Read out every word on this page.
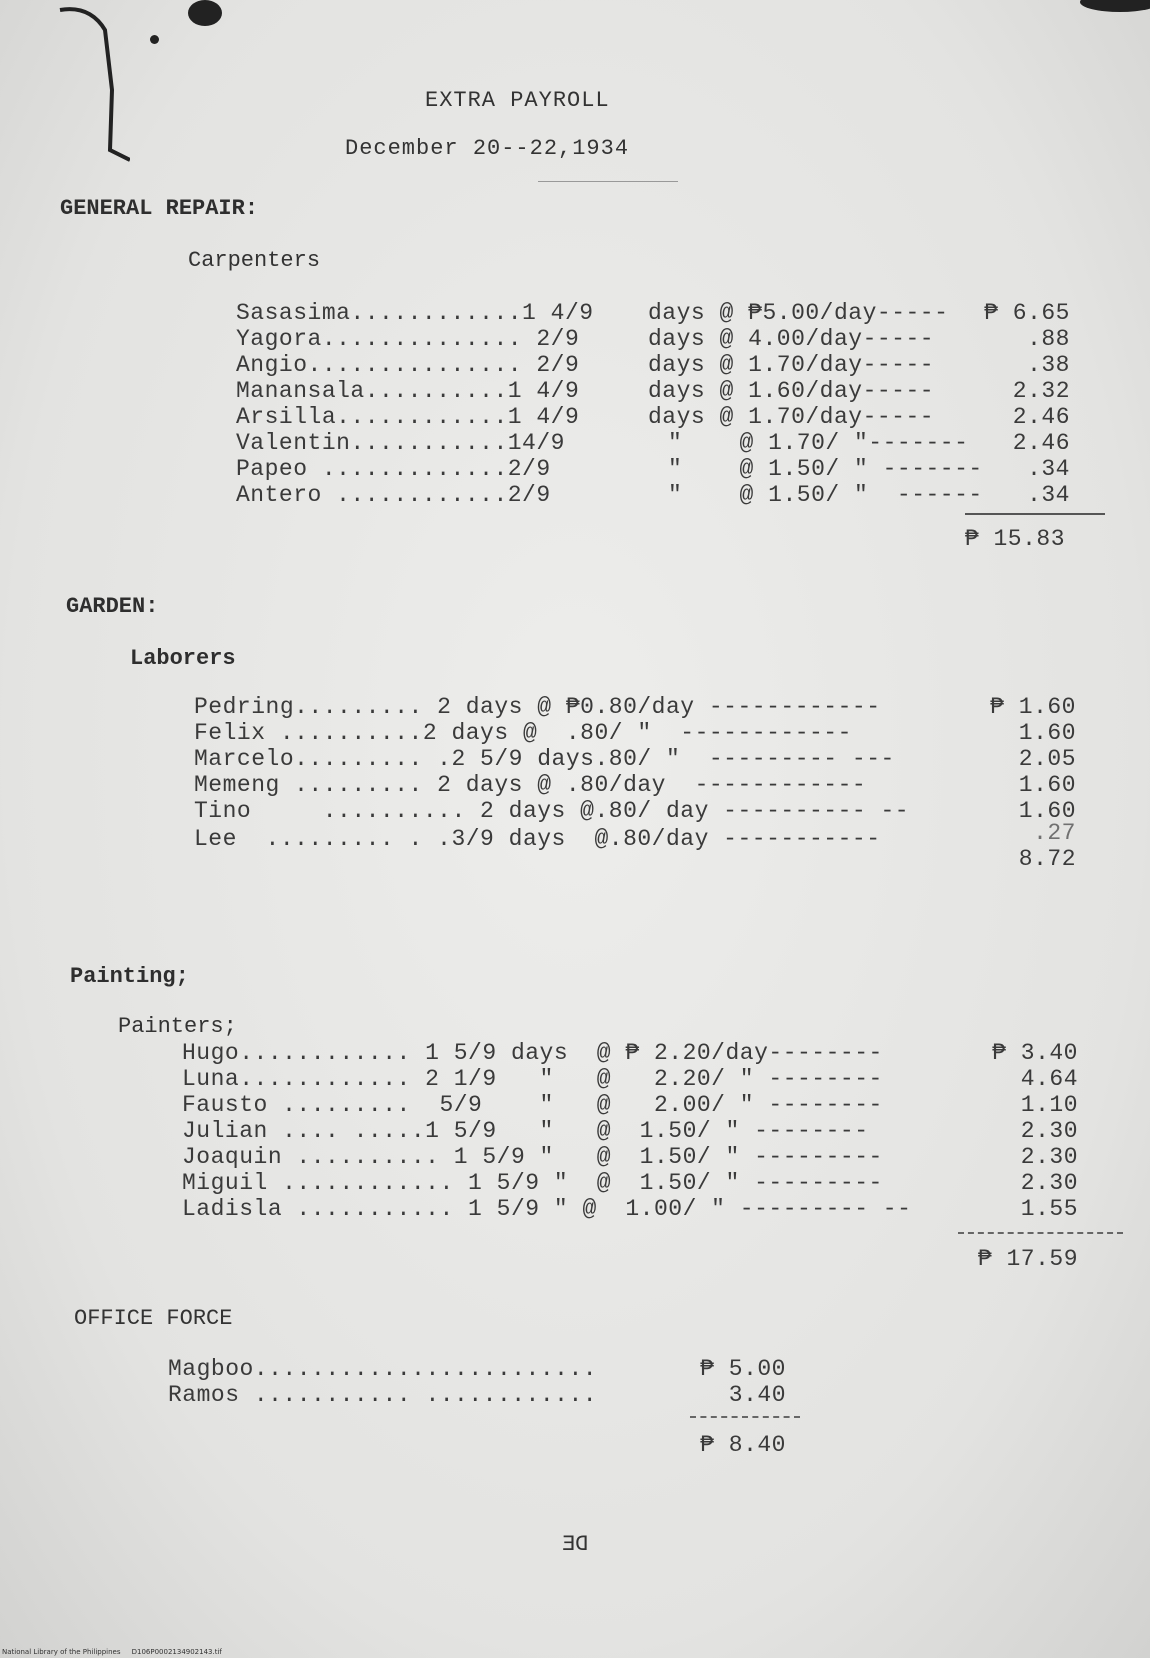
EXTRA PAYROLL
December 20--22,1934
GENERAL REPAIR:
Carpenters
Sasasima............1 4/9 days @ ₱5.00/day-----	₱ 6.65
Yagora.............. 2/9	days @ 4.00/day-----	.88
Angio............... 2/9	days @ 1.70/day-----	.38
Manansala..........1 4/9	days @ 1.60/day-----	2.32
Arsilla............1 4/9	days @ 1.70/day-----	2.46
Valentin...........14/9	" @ 1.70/ "-------	2.46
Papeo .............2/9	" @ 1.50/ " -------	.34
Antero ............2/9	" @ 1.50/ " ------	.34
₱ 15.83
GARDEN:
Laborers
Pedring......... 2 days @ ₱0.80/day ------------	₱ 1.60
Felix ..........2 days @  .80/ "  ------------	1.60
Marcelo......... .2 5/9 days.80/ "  --------- ---	2.05
Memeng ......... 2 days @ .80/day  ------------	1.60
Tino     .......... 2 days @.80/ day ---------- --	1.60
Lee  ......... . .3/9 days  @.80/day -----------	.27
8.72
Painting;
Painters;
Hugo............ 1 5/9 days  @ ₱ 2.20/day--------	₱ 3.40
Luna............ 2 1/9   "   @   2.20/ " --------	4.64
Fausto .........  5/9    "   @   2.00/ " --------	1.10
Julian .... .....1 5/9   "   @  1.50/ " --------	2.30
Joaquin .......... 1 5/9 "   @  1.50/ " ---------	2.30
Miguil ............ 1 5/9 "  @  1.50/ " ---------	2.30
Ladisla ........... 1 5/9 " @  1.00/ " --------- --	1.55
₱ 17.59
OFFICE FORCE
Magboo........................	₱ 5.00
Ramos ........... ............	3.40
₱ 8.40
DE
National Library of the Philippines     D106P0002134902143.tif
